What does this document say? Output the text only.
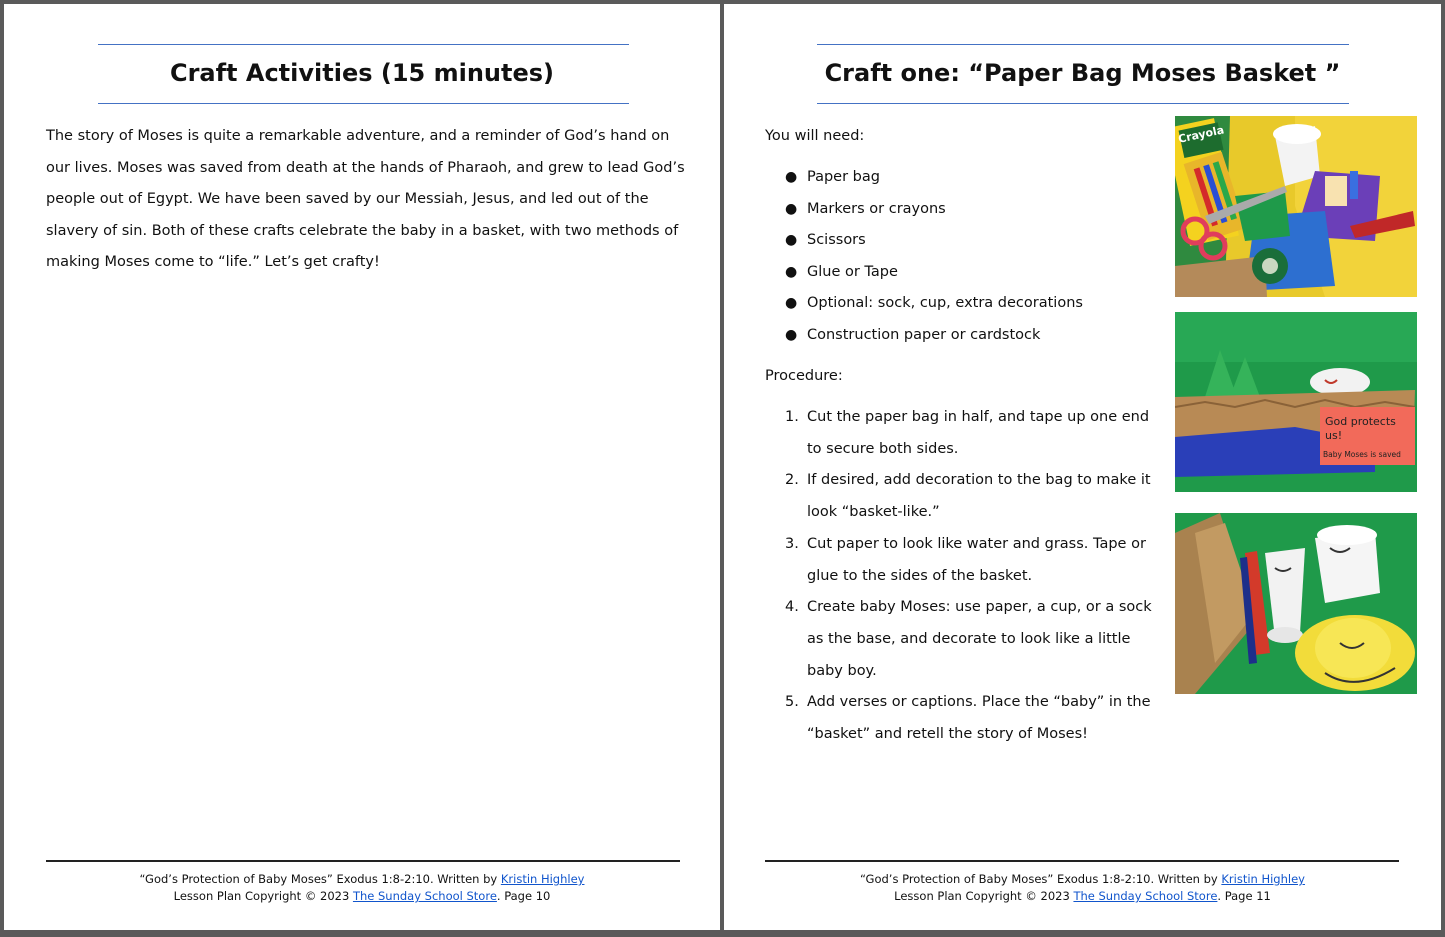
Craft Activities (15 minutes)
The story of Moses is quite a remarkable adventure, and a reminder of God’s hand on our lives. Moses was saved from death at the hands of Pharaoh, and grew to lead God’s people out of Egypt. We have been saved by our Messiah, Jesus, and led out of the slavery of sin. Both of these crafts celebrate the baby in a basket, with two methods of making Moses come to “life.” Let’s get crafty!
“God’s Protection of Baby Moses” Exodus 1:8-2:10. Written by Kristin Highley
Lesson Plan Copyright © 2023 The Sunday School Store. Page 10
Craft one: “Paper Bag Moses Basket ”
You will need:
● Paper bag
● Markers or crayons
● Scissors
● Glue or Tape
● Optional: sock, cup, extra decorations
● Construction paper or cardstock
Procedure:
1. Cut the paper bag in half, and tape up one end to secure both sides.
2. If desired, add decoration to the bag to make it look “basket-like.”
3. Cut paper to look like water and grass. Tape or glue to the sides of the basket.
4. Create baby Moses: use paper, a cup, or a sock as the base, and decorate to look like a little baby boy.
5. Add verses or captions. Place the “baby” in the “basket” and retell the story of Moses!
Crayola
God protects
us!
Baby Moses is saved
“God’s Protection of Baby Moses” Exodus 1:8-2:10. Written by Kristin Highley
Lesson Plan Copyright © 2023 The Sunday School Store. Page 11
